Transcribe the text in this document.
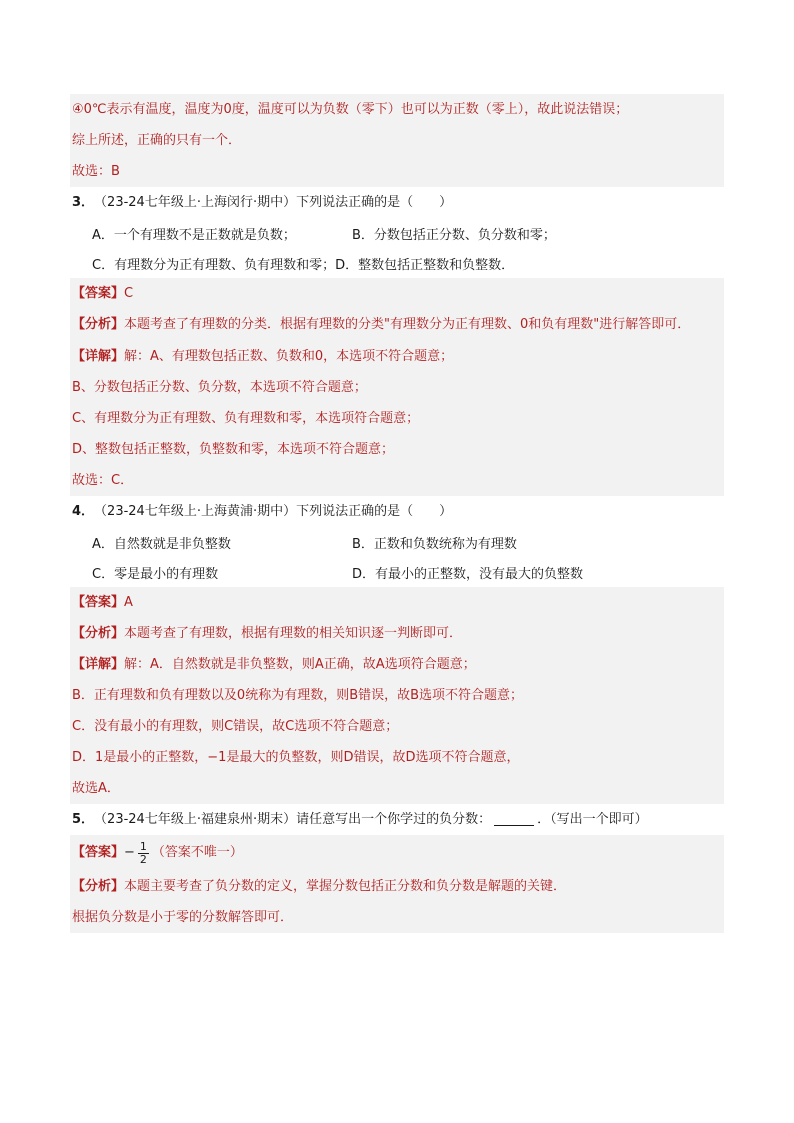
④0℃表示有温度，温度为0度，温度可以为负数（零下）也可以为正数（零上），故此说法错误；
综上所述，正确的只有一个．
故选：B
3． （23-24七年级上·上海闵行·期中） 下列说法正确的是（　　）
A．一个有理数不是正数就是负数；	B．分数包括正分数、负分数和零；
C．有理数分为正有理数、负有理数和零； D．整数包括正整数和负整数．
【答案】 C
【分析】本题考查了有理数的分类．根据有理数的分类"有理数分为正有理数、0和负有理数"进行解答即可．
【详解】 解：A、有理数包括正数、负数和0，本选项不符合题意；
B、分数包括正分数、负分数，本选项不符合题意；
C、有理数分为正有理数、负有理数和零，本选项符合题意；
D、整数包括正整数，负整数和零，本选项不符合题意；
故选：C．
4． （23-24七年级上·上海黄浦·期中） 下列说法正确的是（　　）
A．自然数就是非负整数	B．正数和负数统称为有理数
C．零是最小的有理数	D．有最小的正整数，没有最大的负整数
【答案】 A
【分析】 本题考查了有理数，根据有理数的相关知识逐一判断即可．
【详解】 解：A．自然数就是非负整数，则A正确，故A选项符合题意；
B．正有理数和负有理数以及0统称为有理数，则B错误，故B选项不符合题意；
C．没有最小的有理数，则C错误，故C选项不符合题意；
D．1是最小的正整数，−1是最大的负整数，则D错误，故D选项不符合题意，
故选A．
5． （23-24七年级上·福建泉州·期末） 请任意写出一个你学过的负分数：	．（写出一个即可）
【答案】 − $\frac{1}{2}$ （答案不唯一）
【分析】 本题主要考查了负分数的定义，掌握分数包括正分数和负分数是解题的关键．
根据负分数是小于零的分数解答即可．
